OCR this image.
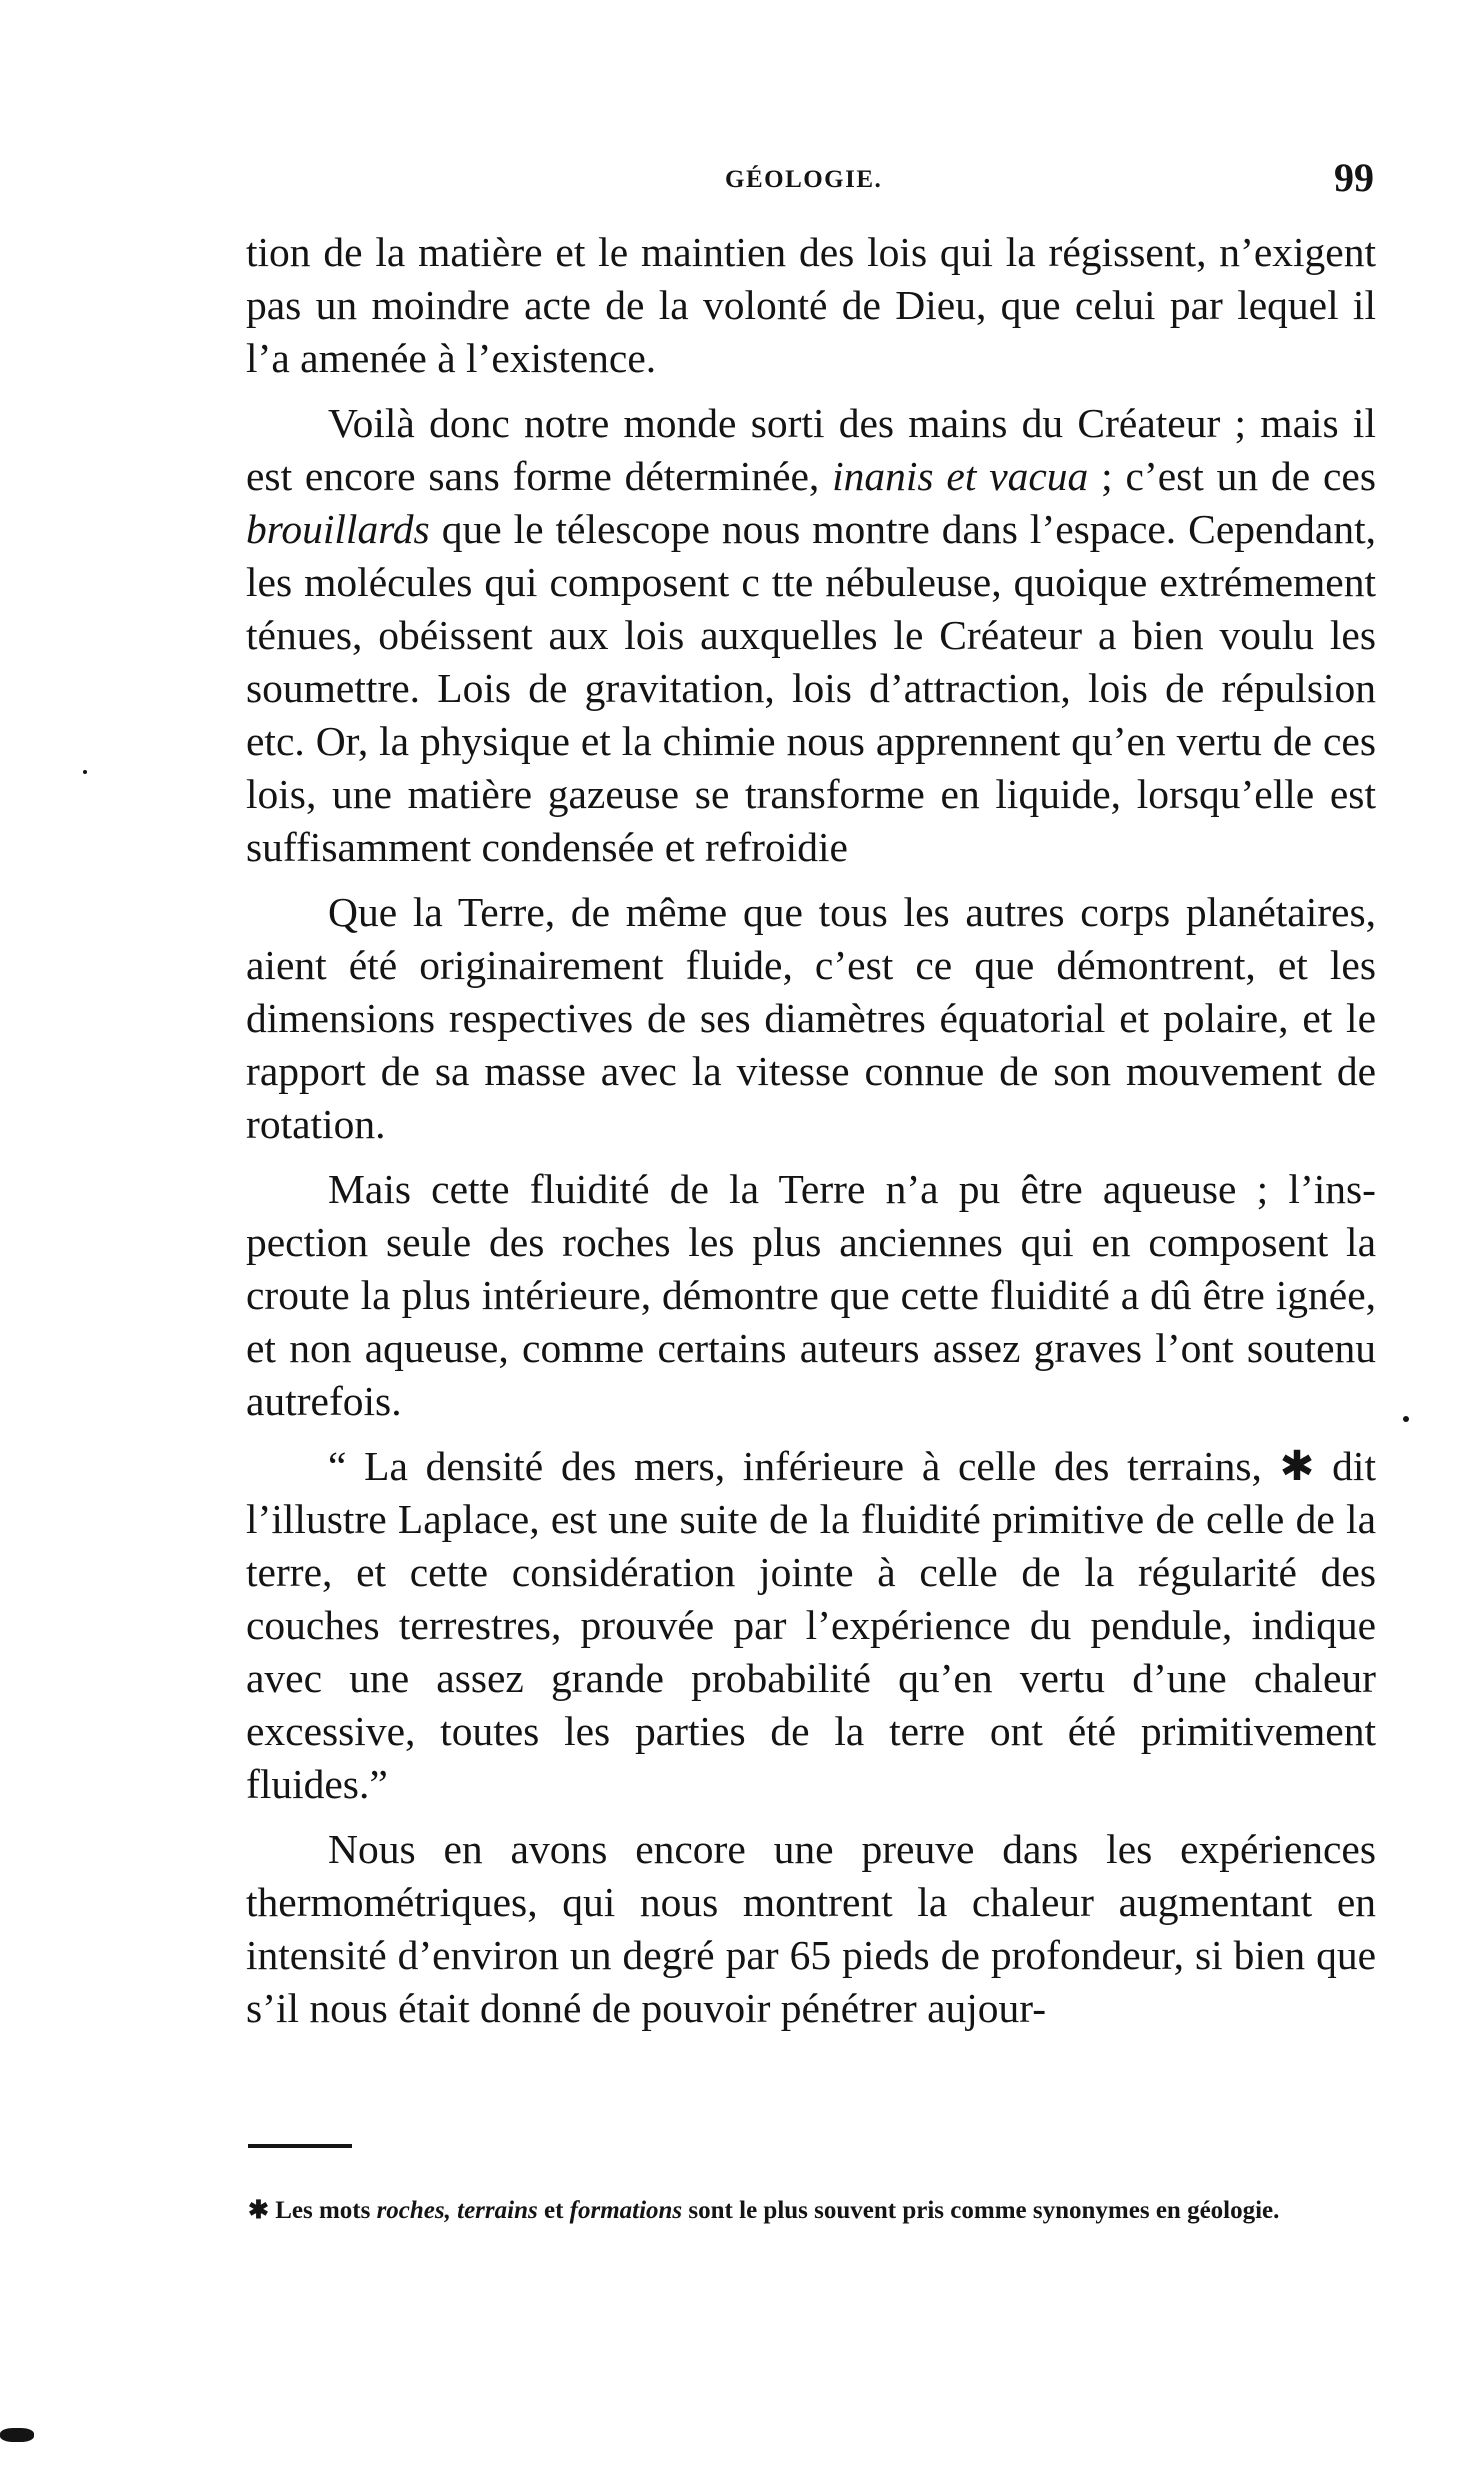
GÉOLOGIE.	99

tion de la matière et le maintien des lois qui la régissent, n’exigent pas un moindre acte de la volonté de Dieu, que celui par lequel il l’a amenée à l’existence.

Voilà donc notre monde sorti des mains du Créateur ; mais il est encore sans forme déterminée, inanis et vacua ; c’est un de ces brouillards que le télescope nous montre dans l’espace. Cependant, les molécules qui composent c tte nébuleuse, quoique extrémement ténues, obéissent aux lois auxquelles le Créateur a bien voulu les soumettre. Lois de gravitation, lois d’attraction, lois de répulsion etc. Or, la physique et la chimie nous apprennent qu’en vertu de ces lois, une matière gazeuse se transforme en liquide, lorsqu’elle est suffisamment condensée et refroidie

Que la Terre, de même que tous les autres corps planétaires, aient été originairement fluide, c’est ce que démontrent, et les dimensions respectives de ses diamètres équatorial et polaire, et le rapport de sa masse avec la vitesse connue de son mouvement de rotation.

Mais cette fluidité de la Terre n’a pu être aqueuse ; l’inspection seule des roches les plus anciennes qui en composent la croute la plus intérieure, démontre que cette fluidité a dû être ignée, et non aqueuse, comme certains auteurs assez graves l’ont soutenu autrefois.

“ La densité des mers, inférieure à celle des terrains, ✱ dit l’illustre Laplace, est une suite de la fluidité primitive de celle de la terre, et cette considération jointe à celle de la régularité des couches terrestres, prouvée par l’expérience du pendule, indique avec une assez grande probabilité qu’en vertu d’une chaleur excessive, toutes les parties de la terre ont été primitivement fluides.”

Nous en avons encore une preuve dans les expériences thermométriques, qui nous montrent la chaleur augmentant en intensité d’environ un degré par 65 pieds de profondeur, si bien que s’il nous était donné de pouvoir pénétrer aujour-

✱ Les mots roches, terrains et formations sont le plus souvent pris comme synonymes en géologie.
